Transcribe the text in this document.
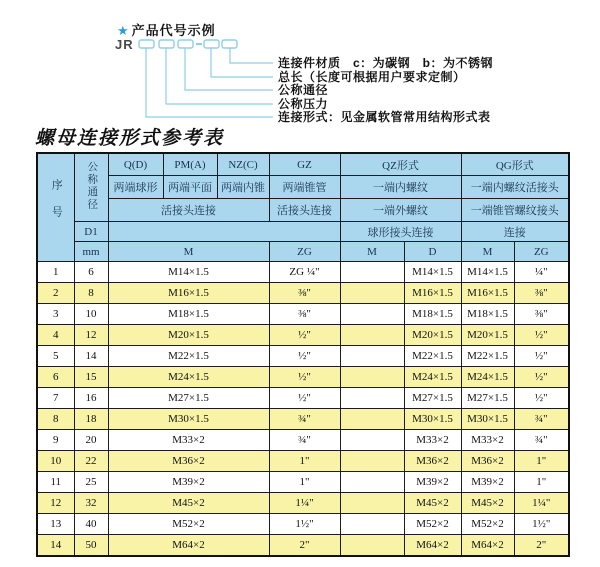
★ 产品代号示例
JR
连接件材质　c：为碳钢　b：为不锈钢
总长（长度可根据用户要求定制）
公称通径
公称压力
连接形式：见金属软管常用结构形式表
螺母连接形式参考表
序号	公称通径	Q(D)	PM(A)	NZ(C)	GZ	QZ形式		QG形式	
		两端球形	两端平面	两端内锥	两端锥管	一端内螺纹		一端内螺纹活接头	
		活接头连接			活接头连接	一端外螺纹		一端锥管螺纹接头	
	D1					球形接头连接		连接	
	mm	M			ZG	M	D	M	ZG
1	6	M14×1.5			ZG ¼"		M14×1.5	M14×1.5	¼"
2	8	M16×1.5			⅜"		M16×1.5	M16×1.5	⅜"
3	10	M18×1.5			⅜"		M18×1.5	M18×1.5	⅜"
4	12	M20×1.5			½"		M20×1.5	M20×1.5	½"
5	14	M22×1.5			½"		M22×1.5	M22×1.5	½"
6	15	M24×1.5			½"		M24×1.5	M24×1.5	½"
7	16	M27×1.5			½"		M27×1.5	M27×1.5	½"
8	18	M30×1.5			¾"		M30×1.5	M30×1.5	¾"
9	20	M33×2			¾"		M33×2	M33×2	¾"
10	22	M36×2			1"		M36×2	M36×2	1"
11	25	M39×2			1"		M39×2	M39×2	1"
12	32	M45×2			1¼"		M45×2	M45×2	1¼"
13	40	M52×2			1½"		M52×2	M52×2	1½"
14	50	M64×2			2"		M64×2	M64×2	2"
